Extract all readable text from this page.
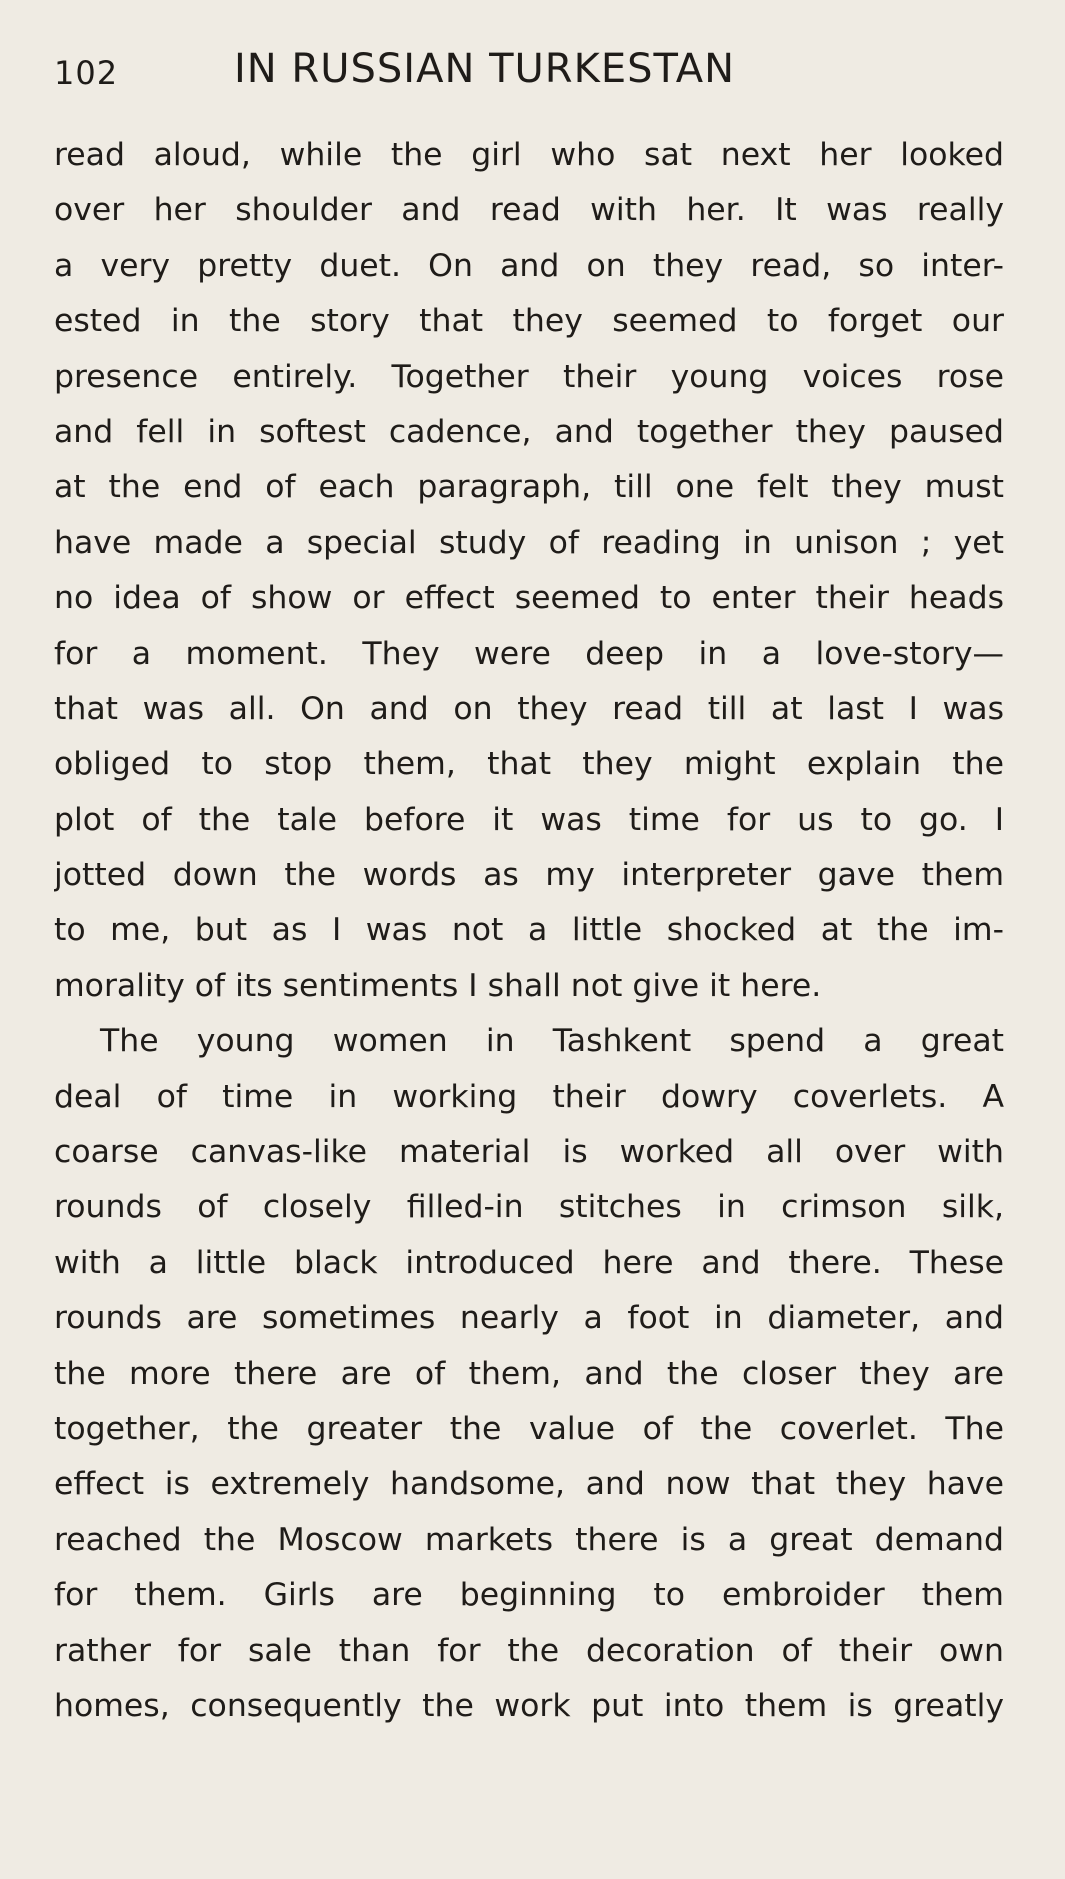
102	IN RUSSIAN TURKESTAN
read aloud, while the girl who sat next her looked
over her shoulder and read with her. It was really
a very pretty duet. On and on they read, so inter-
ested in the story that they seemed to forget our
presence entirely. Together their young voices rose
and fell in softest cadence, and together they paused
at the end of each paragraph, till one felt they must
have made a special study of reading in unison ; yet
no idea of show or effect seemed to enter their heads
for a moment. They were deep in a love-story—
that was all. On and on they read till at last I was
obliged to stop them, that they might explain the
plot of the tale before it was time for us to go. I
jotted down the words as my interpreter gave them
to me, but as I was not a little shocked at the im-
morality of its sentiments I shall not give it here.
The young women in Tashkent spend a great
deal of time in working their dowry coverlets. A
coarse canvas-like material is worked all over with
rounds of closely filled-in stitches in crimson silk,
with a little black introduced here and there. These
rounds are sometimes nearly a foot in diameter, and
the more there are of them, and the closer they are
together, the greater the value of the coverlet. The
effect is extremely handsome, and now that they have
reached the Moscow markets there is a great demand
for them. Girls are beginning to embroider them
rather for sale than for the decoration of their own
homes, consequently the work put into them is greatly
